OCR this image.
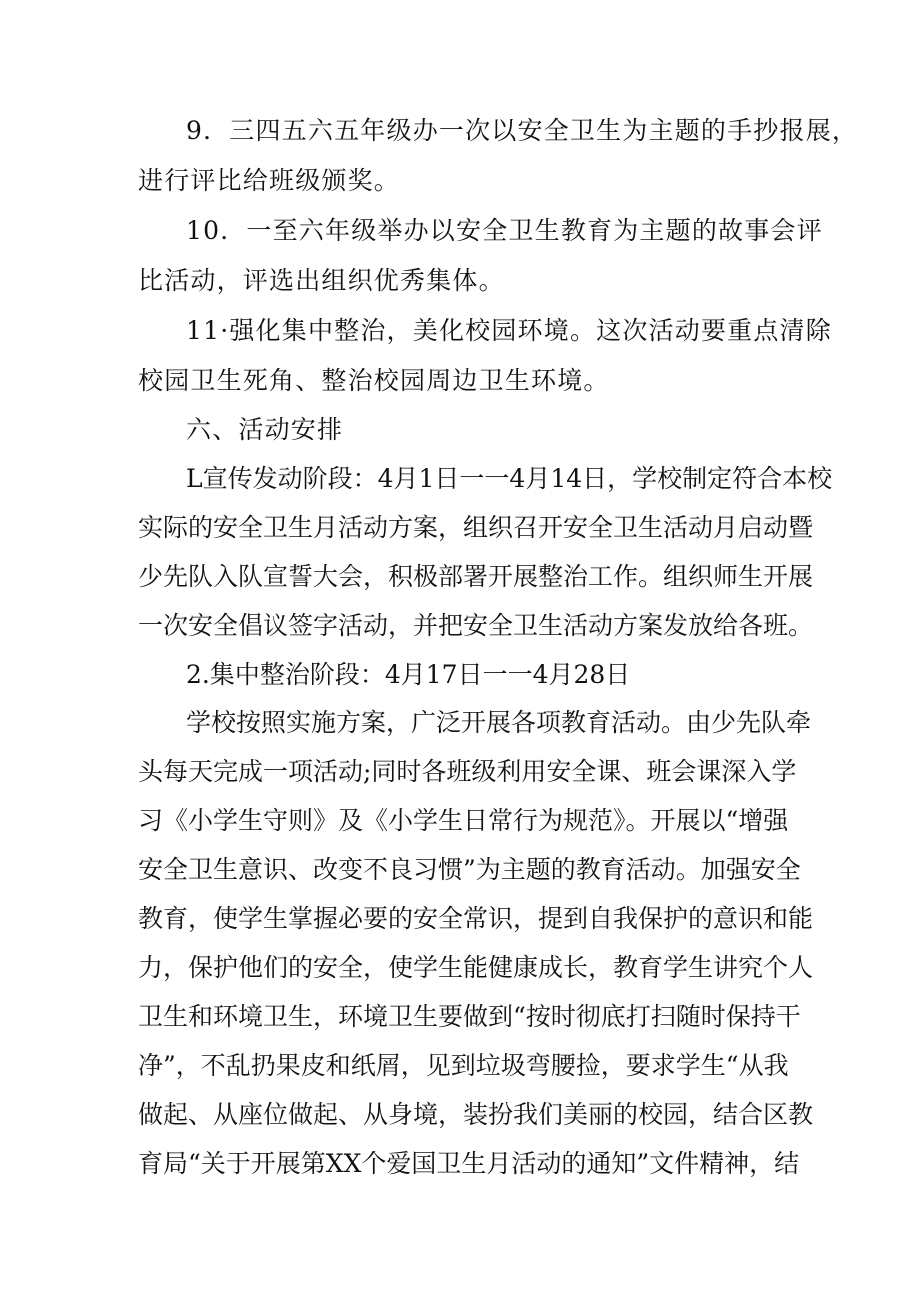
9．三四五六五年级办一次以安全卫生为主题的手抄报展，
进行评比给班级颁奖。
10．一至六年级举办以安全卫生教育为主题的故事会评
比活动，评选出组织优秀集体。
11·强化集中整治，美化校园环境。这次活动要重点清除
校园卫生死角、整治校园周边卫生环境。
六、活动安排
L宣传发动阶段：4月1日一一4月14日，学校制定符合本校
实际的安全卫生月活动方案，组织召开安全卫生活动月启动暨
少先队入队宣誓大会，积极部署开展整治工作。组织师生开展
一次安全倡议签字活动，并把安全卫生活动方案发放给各班。
2.集中整治阶段：4月17日一一4月28日
学校按照实施方案，广泛开展各项教育活动。由少先队牵
头每天完成一项活动;同时各班级利用安全课、班会课深入学
习《小学生守则》及《小学生日常行为规范》。开展以“增强
安全卫生意识、改变不良习惯”为主题的教育活动。加强安全
教育，使学生掌握必要的安全常识，提到自我保护的意识和能
力，保护他们的安全，使学生能健康成长，教育学生讲究个人
卫生和环境卫生，环境卫生要做到“按时彻底打扫随时保持干
净”，不乱扔果皮和纸屑，见到垃圾弯腰捡，要求学生“从我
做起、从座位做起、从身境，装扮我们美丽的校园，结合区教
育局“关于开展第XX个爱国卫生月活动的通知”文件精神，结
